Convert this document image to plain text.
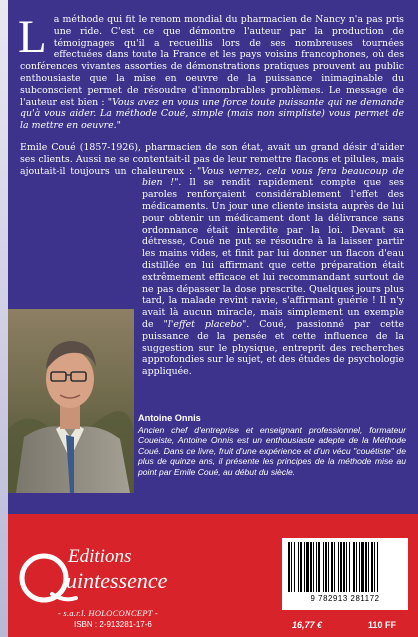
La méthode qui fit le renom mondial du pharmacien de Nancy n'a pas pris une ride. C'est ce que démontre l'auteur par la production de témoignages qu'il a recueillis lors de ses nombreuses tournées effectuées dans toute la France et les pays voisins francophones, où des conférences vivantes assorties de démonstrations pratiques prouvent au public enthousiaste que la mise en oeuvre de la puissance inimaginable du subconscient permet de résoudre d'innombrables problèmes. Le message de l'auteur est bien : "Vous avez en vous une force toute puissante qui ne demande qu'à vous aider. La méthode Coué, simple (mais non simpliste) vous permet de la mettre en oeuvre."

Emile Coué (1857-1926), pharmacien de son état, avait un grand désir d'aider ses clients. Aussi ne se contentait-il pas de leur remettre flacons et pilules, mais ajoutait-il toujours un chaleureux : "Vous verrez, cela vous fera beaucoup de bien !"
. Il se rendit rapidement compte que ses paroles renforçaient considérablement l'effet des médicaments. Un jour une cliente insista auprès de lui pour obtenir un médicament dont la délivrance sans ordonnance était interdite par la loi. Devant sa détresse, Coué ne put se résoudre à la laisser partir les mains vides, et finit par lui donner un flacon d'eau distillée en lui affirmant que cette préparation était extrêmement efficace et lui recommandant surtout de ne pas dépasser la dose prescrite. Quelques jours plus tard, la malade revint ravie, s'affirmant guérie ! Il n'y avait là aucun miracle, mais simplement un exemple de "l'effet placebo". Coué, passionné par cette puissance de la pensée et cette influence de la suggestion sur le physique, entreprit des recherches approfondies sur le sujet, et des études de psychologie appliquée.

Antoine Onnis

Ancien chef d'entreprise et enseignant professionnel, formateur Coueiste, Antoine Onnis est un enthousiaste adepte de la Méthode Coué. Dans ce livre, fruit d'une expérience et d'un vécu "couétiste" de plus de quinze ans, il présente les principes de la méthode mise au point par Emile Coué, au début du siècle.

Editions
uintessence

- s.a.r.l. HOLOCONCEPT -

ISBN : 2-913281-17-6

9 782913 281172

16,77 €	110 FF
